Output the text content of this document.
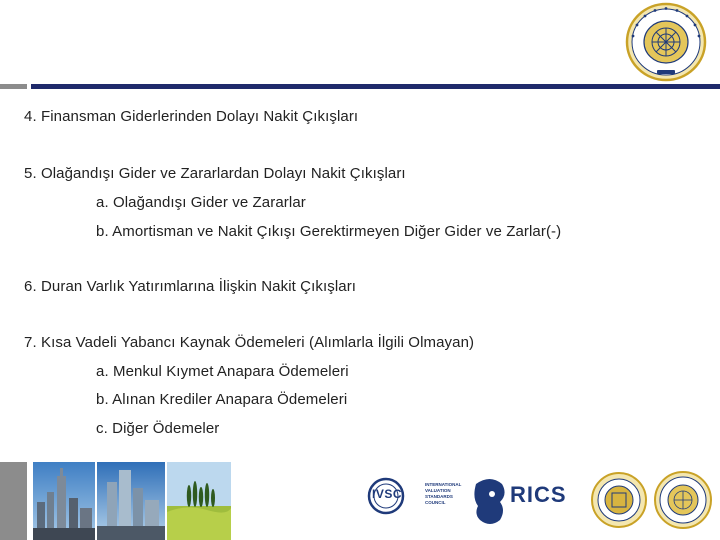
4. Finansman Giderlerinden Dolayı Nakit Çıkışları
5. Olağandışı Gider ve Zararlardan Dolayı Nakit Çıkışları
a. Olağandışı Gider ve Zararlar
b. Amortisman ve Nakit Çıkışı Gerektirmeyen Diğer Gider ve Zarlar(-)
6. Duran Varlık Yatırımlarına İlişkin Nakit Çıkışları
7. Kısa Vadeli Yabancı Kaynak Ödemeleri (Alımlarla İlgili Olmayan)
a. Menkul Kıymet Anapara Ödemeleri
b. Alınan Krediler Anapara Ödemeleri
c. Diğer Ödemeler
IVSC
INTERNATIONAL
VALUATION
STANDARDS
COUNCIL	RICS
